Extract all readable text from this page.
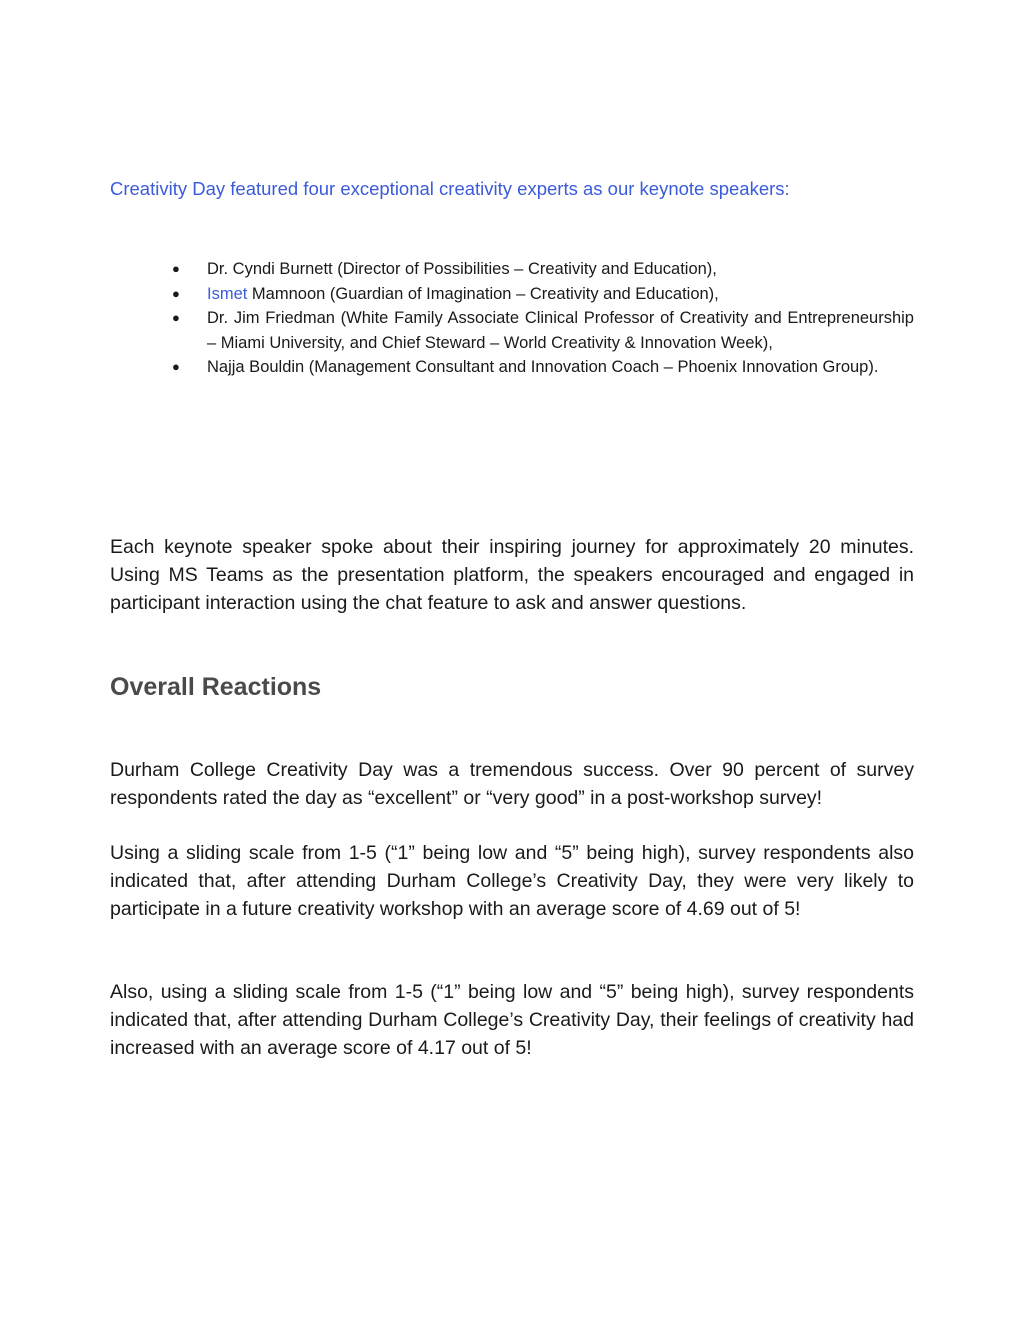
Creativity Day featured four exceptional creativity experts as our keynote speakers:

● Dr. Cyndi Burnett (Director of Possibilities – Creativity and Education),
● Ismet Mamnoon (Guardian of Imagination – Creativity and Education),
● Dr. Jim Friedman (White Family Associate Clinical Professor of Creativity and Entrepreneurship – Miami University, and Chief Steward – World Creativity & Innovation Week),
● Najja Bouldin (Management Consultant and Innovation Coach – Phoenix Innovation Group).

Each keynote speaker spoke about their inspiring journey for approximately 20 minutes. Using MS Teams as the presentation platform, the speakers encouraged and engaged in participant interaction using the chat feature to ask and answer questions.

Overall Reactions

Durham College Creativity Day was a tremendous success. Over 90 percent of survey respondents rated the day as “excellent” or “very good” in a post-workshop survey!

Using a sliding scale from 1-5 (“1” being low and “5” being high), survey respondents also indicated that, after attending Durham College’s Creativity Day, they were very likely to participate in a future creativity workshop with an average score of 4.69 out of 5!

Also, using a sliding scale from 1-5 (“1” being low and “5” being high), survey respondents indicated that, after attending Durham College’s Creativity Day, their feelings of creativity had increased with an average score of 4.17 out of 5!
